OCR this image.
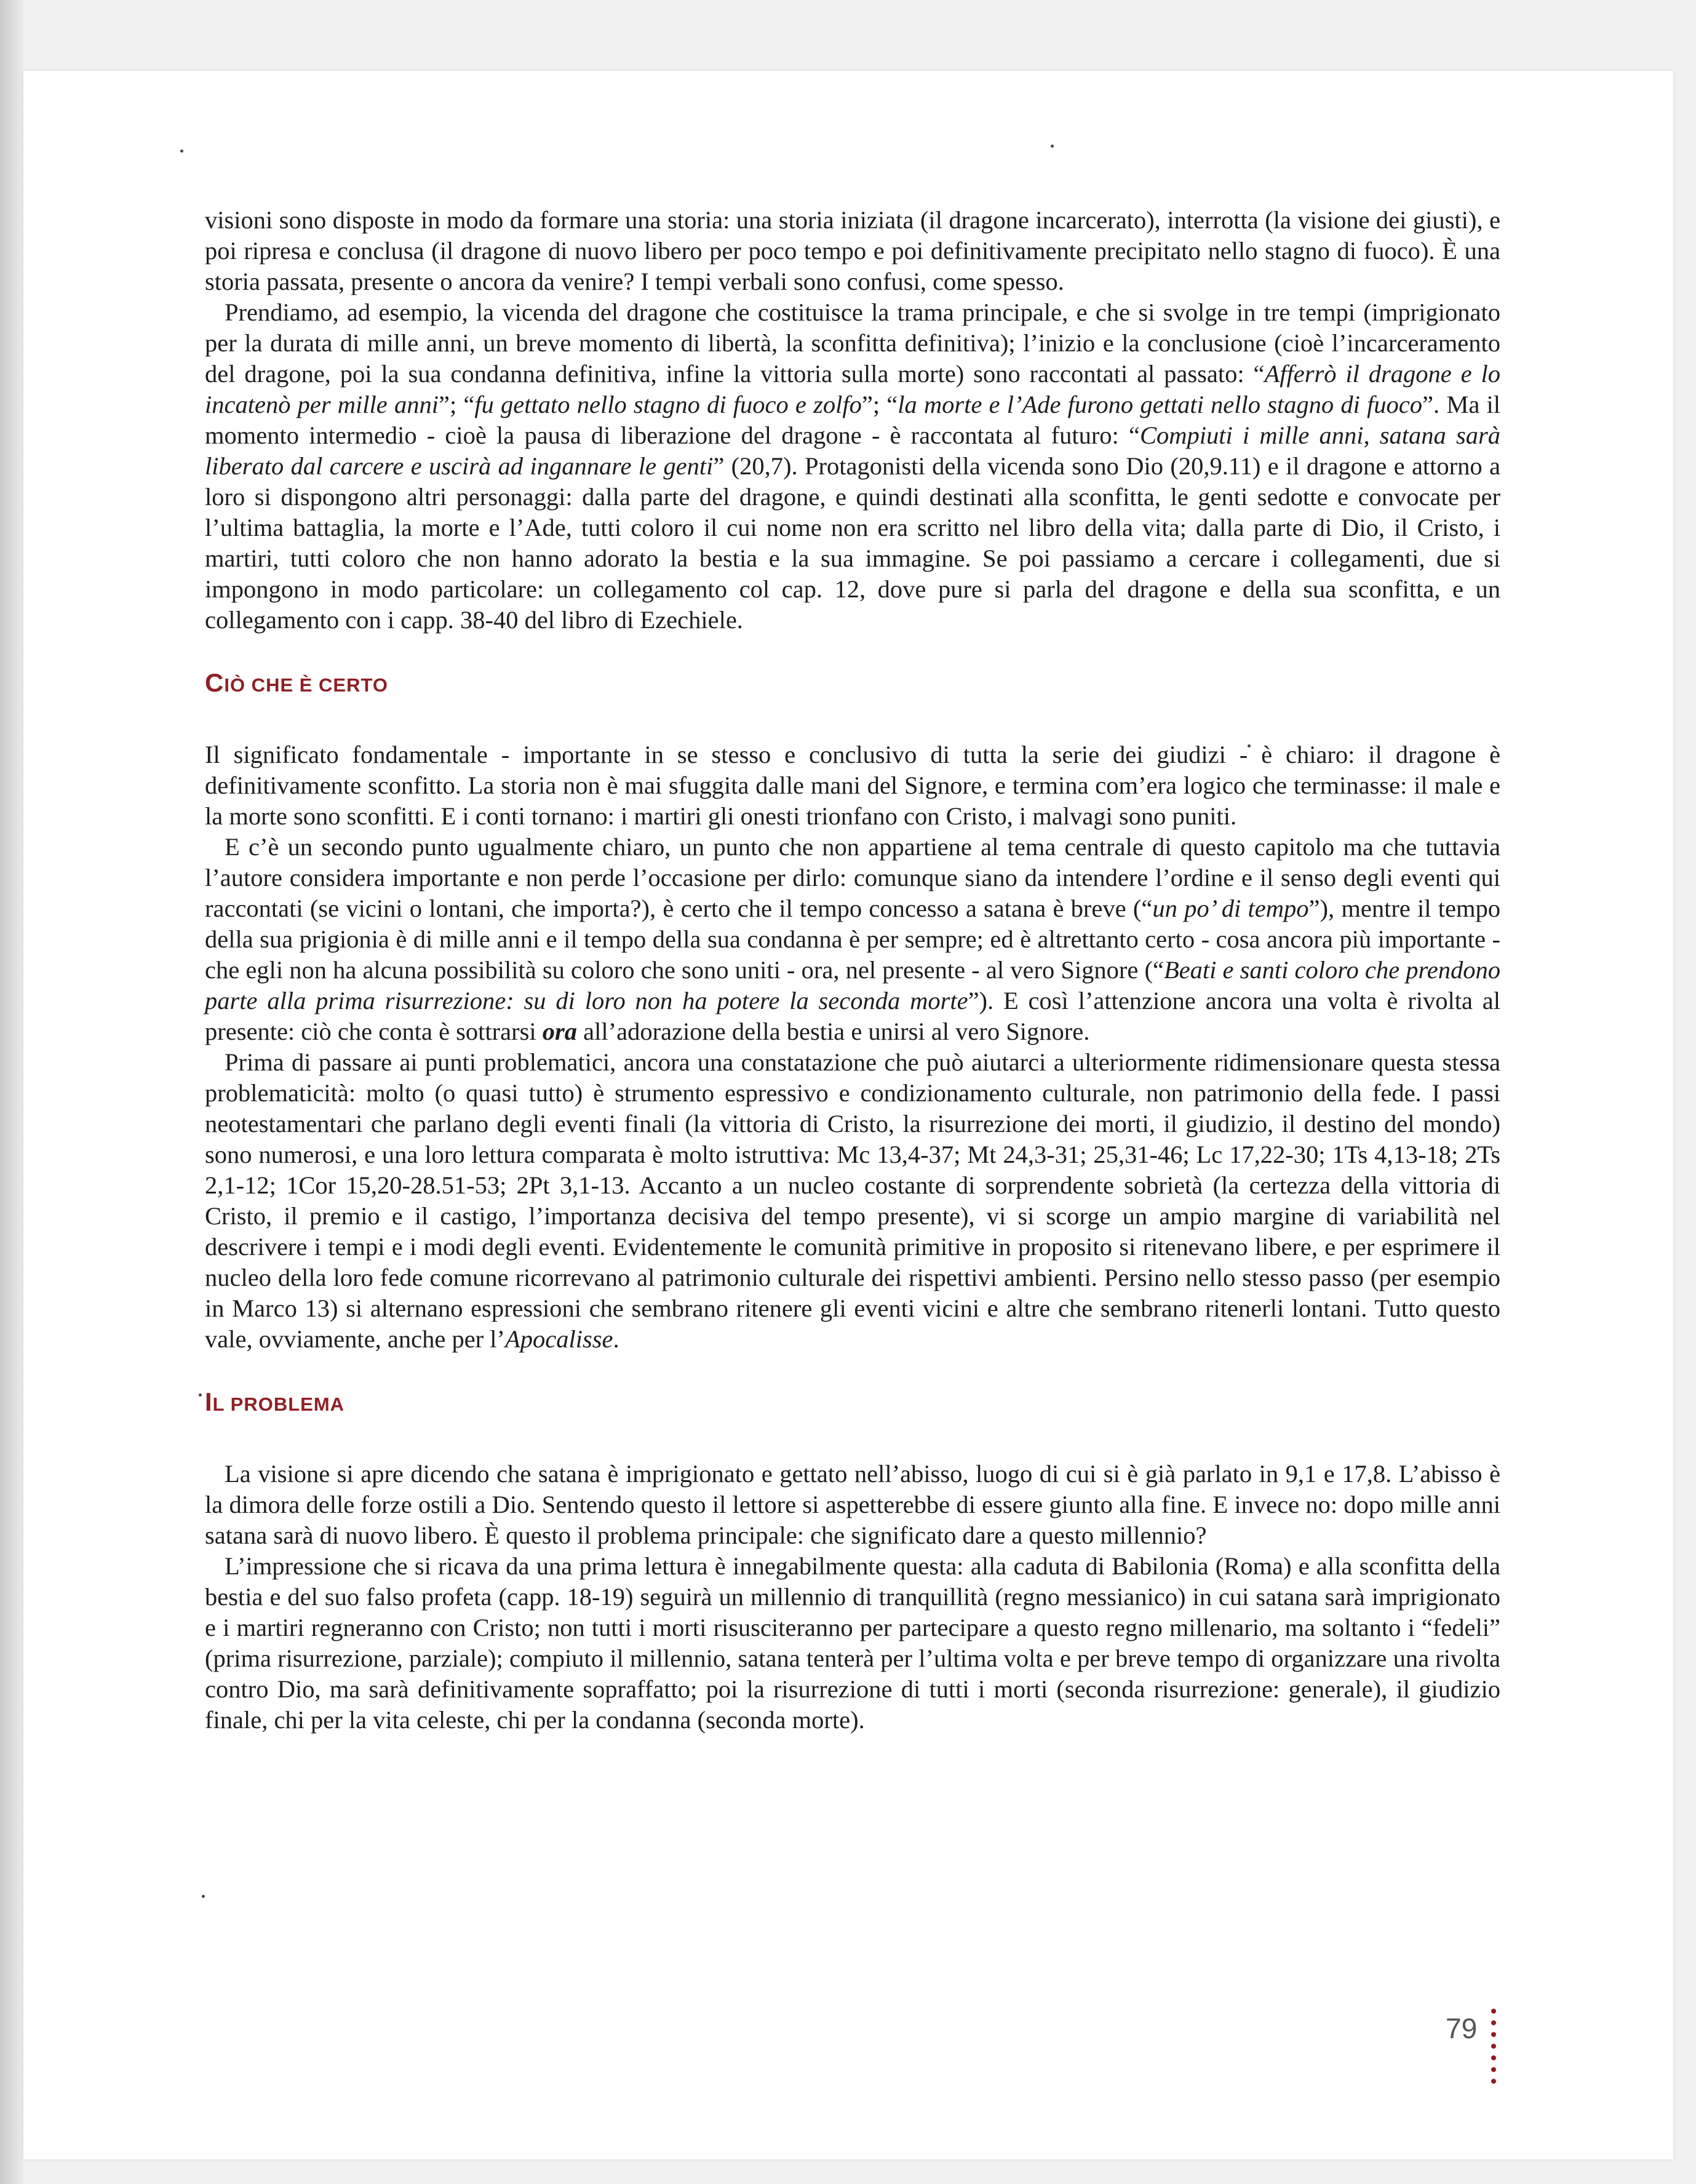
visioni sono disposte in modo da formare una storia: una storia iniziata (il dragone incarcerato), interrotta (la visione dei giusti), e poi ripresa e conclusa (il dragone di nuovo libero per poco tempo e poi definitivamente precipitato nello stagno di fuoco). È una storia passata, presente o ancora da venire? I tempi verbali sono confusi, come spesso.

Prendiamo, ad esempio, la vicenda del dragone che costituisce la trama principale, e che si svolge in tre tempi (imprigionato per la durata di mille anni, un breve momento di libertà, la sconfitta definitiva); l’inizio e la conclusione (cioè l’incarceramento del dragone, poi la sua condanna definitiva, infine la vittoria sulla morte) sono raccontati al passato: “Afferrò il dragone e lo incatenò per mille anni”; “fu gettato nello stagno di fuoco e zolfo”; “la morte e l’Ade furono gettati nello stagno di fuoco”. Ma il momento intermedio - cioè la pausa di liberazione del dragone - è raccontata al futuro: “Compiuti i mille anni, satana sarà liberato dal carcere e uscirà ad ingannare le genti” (20,7). Protagonisti della vicenda sono Dio (20,9.11) e il dragone e attorno a loro si dispongono altri personaggi: dalla parte del dragone, e quindi destinati alla sconfitta, le genti sedotte e convocate per l’ultima battaglia, la morte e l’Ade, tutti coloro il cui nome non era scritto nel libro della vita; dalla parte di Dio, il Cristo, i martiri, tutti coloro che non hanno adorato la bestia e la sua immagine. Se poi passiamo a cercare i collegamenti, due si impongono in modo particolare: un collegamento col cap. 12, dove pure si parla del dragone e della sua sconfitta, e un collegamento con i capp. 38-40 del libro di Ezechiele.

CIÒ CHE È CERTO

Il significato fondamentale - importante in se stesso e conclusivo di tutta la serie dei giudizi - è chiaro: il dragone è definitivamente sconfitto. La storia non è mai sfuggita dalle mani del Signore, e termina com’era logico che terminasse: il male e la morte sono sconfitti. E i conti tornano: i martiri gli onesti trionfano con Cristo, i malvagi sono puniti.

E c’è un secondo punto ugualmente chiaro, un punto che non appartiene al tema centrale di questo capitolo ma che tuttavia l’autore considera importante e non perde l’occasione per dirlo: comunque siano da intendere l’ordine e il senso degli eventi qui raccontati (se vicini o lontani, che importa?), è certo che il tempo concesso a satana è breve (“un po’ di tempo”), mentre il tempo della sua prigionia è di mille anni e il tempo della sua condanna è per sempre; ed è altrettanto certo - cosa ancora più importante - che egli non ha alcuna possibilità su coloro che sono uniti - ora, nel presente - al vero Signore (“Beati e santi coloro che prendono parte alla prima risurrezione: su di loro non ha potere la seconda morte”). E così l’attenzione ancora una volta è rivolta al presente: ciò che conta è sottrarsi ora all’adorazione della bestia e unirsi al vero Signore.

Prima di passare ai punti problematici, ancora una constatazione che può aiutarci a ulteriormente ridimensionare questa stessa problematicità: molto (o quasi tutto) è strumento espressivo e condizionamento culturale, non patrimonio della fede. I passi neotestamentari che parlano degli eventi finali (la vittoria di Cristo, la risurrezione dei morti, il giudizio, il destino del mondo) sono numerosi, e una loro lettura comparata è molto istruttiva: Mc 13,4-37; Mt 24,3-31; 25,31-46; Lc 17,22-30; 1Ts 4,13-18; 2Ts 2,1-12; 1Cor 15,20-28.51-53; 2Pt 3,1-13. Accanto a un nucleo costante di sorprendente sobrietà (la certezza della vittoria di Cristo, il premio e il castigo, l’importanza decisiva del tempo presente), vi si scorge un ampio margine di variabilità nel descrivere i tempi e i modi degli eventi. Evidentemente le comunità primitive in proposito si ritenevano libere, e per esprimere il nucleo della loro fede comune ricorrevano al patrimonio culturale dei rispettivi ambienti. Persino nello stesso passo (per esempio in Marco 13) si alternano espressioni che sembrano ritenere gli eventi vicini e altre che sembrano ritenerli lontani. Tutto questo vale, ovviamente, anche per l’Apocalisse.

IL PROBLEMA

La visione si apre dicendo che satana è imprigionato e gettato nell’abisso, luogo di cui si è già parlato in 9,1 e 17,8. L’abisso è la dimora delle forze ostili a Dio. Sentendo questo il lettore si aspetterebbe di essere giunto alla fine. E invece no: dopo mille anni satana sarà di nuovo libero. È questo il problema principale: che significato dare a questo millennio?

L’impressione che si ricava da una prima lettura è innegabilmente questa: alla caduta di Babilonia (Roma) e alla sconfitta della bestia e del suo falso profeta (capp. 18-19) seguirà un millennio di tranquillità (regno messianico) in cui satana sarà imprigionato e i martiri regneranno con Cristo; non tutti i morti risusciteranno per partecipare a questo regno millenario, ma soltanto i “fedeli” (prima risurrezione, parziale); compiuto il millennio, satana tenterà per l’ultima volta e per breve tempo di organizzare una rivolta contro Dio, ma sarà definitivamente sopraffatto; poi la risurrezione di tutti i morti (seconda risurrezione: generale), il giudizio finale, chi per la vita celeste, chi per la condanna (seconda morte).

79
